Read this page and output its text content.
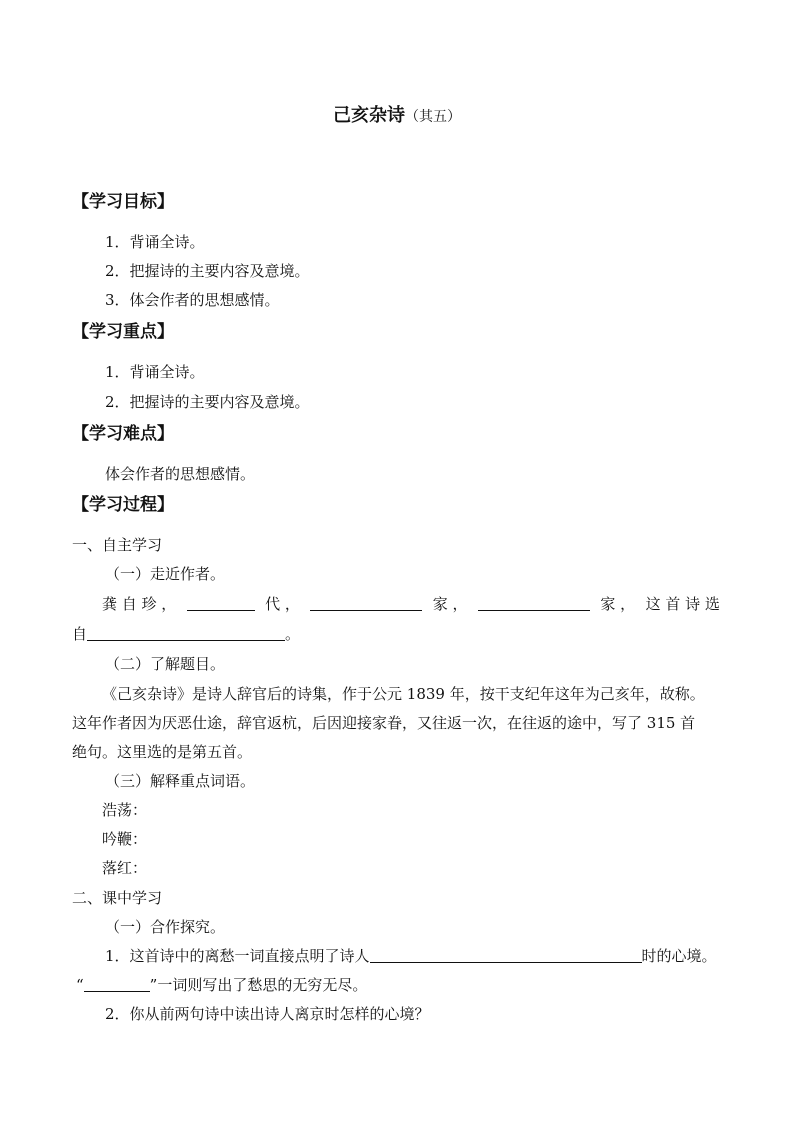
己亥杂诗（其五）
【学习目标】
1．背诵全诗。
2．把握诗的主要内容及意境。
3．体会作者的思想感情。
【学习重点】
1．背诵全诗。
2．把握诗的主要内容及意境。
【学习难点】
体会作者的思想感情。
【学习过程】
一、自主学习
（一）走近作者。
龚 自 珍 ，	代 ，	家 ，	家 ， 这 首 诗 选
自	。
（二）了解题目。
《己亥杂诗》是诗人辞官后的诗集，作于公元 1839 年，按干支纪年这年为己亥年，故称。
这年作者因为厌恶仕途，辞官返杭，后因迎接家眷，又往返一次，在往返的途中，写了 315 首
绝句。这里选的是第五首。
（三）解释重点词语。
浩荡：
吟鞭：
落红：
二、课中学习
（一）合作探究。
1．这首诗中的离愁一词直接点明了诗人	时的心境。
“	”一词则写出了愁思的无穷无尽。
2．你从前两句诗中读出诗人离京时怎样的心境？
